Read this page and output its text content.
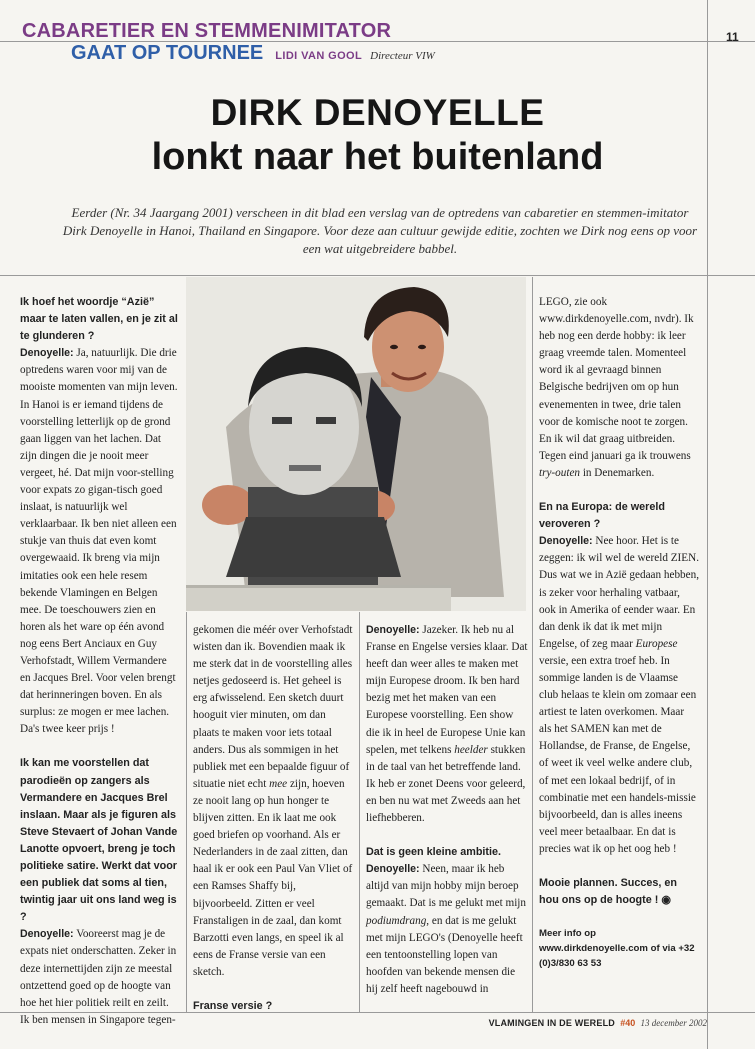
CABARETIER EN STEMMENIMITATOR
GAAT OP TOURNEE LIDI VAN GOOL Directeur VIW
11
DIRK DENOYELLE
lonkt naar het buitenland
Eerder (Nr. 34 Jaargang 2001) verscheen in dit blad een verslag van de optredens van cabaretier en stemmen-imitator Dirk Denoyelle in Hanoi, Thailand en Singapore. Voor deze aan cultuur gewijde editie, zochten we Dirk nog eens op voor een wat uitgebreidere babbel.

Ik hoef het woordje “Azië” maar te laten vallen, en je zit al te glunderen ?
Denoyelle: Ja, natuurlijk. Die drie optredens waren voor mij van de mooiste momenten van mijn leven. In Hanoi is er iemand tijdens de voorstelling letterlijk op de grond gaan liggen van het lachen. Dat zijn dingen die je nooit meer vergeet, hé. Dat mijn voor-stelling voor expats zo gigan-tisch goed inslaat, is natuurlijk wel verklaarbaar. Ik ben niet alleen een stukje van thuis dat even komt overgewaaid. Ik breng via mijn imitaties ook een hele resem bekende Vlamingen en Belgen mee. De toeschouwers zien en horen als het ware op één avond nog eens Bert Anciaux en Guy Verhofstadt, Willem Vermandere en Jacques Brel. Voor velen brengt dat herinneringen boven. En als surplus: ze mogen er mee lachen. Da's twee keer prijs !

Ik kan me voorstellen dat parodieën op zangers als Vermandere en Jacques Brel inslaan. Maar als je figuren als Steve Stevaert of Johan Vande Lanotte opvoert, breng je toch politieke satire. Werkt dat voor een publiek dat soms al tien, twintig jaar uit ons land weg is ?
Denoyelle: Vooreerst mag je de expats niet onderschatten. Zeker in deze internettijden zijn ze meestal ontzettend goed op de hoogte van hoe het hier politiek reilt en zeilt. Ik ben mensen in Singapore tegen-

gekomen die méér over Verhofstadt wisten dan ik. Bovendien maak ik me sterk dat in de voorstelling alles netjes gedoseerd is. Het geheel is erg afwisselend. Een sketch duurt hooguit vier minuten, om dan plaats te maken voor iets totaal anders. Dus als sommigen in het publiek met een bepaalde figuur of situatie niet echt mee zijn, hoeven ze nooit lang op hun honger te blijven zitten. En ik laat me ook goed briefen op voorhand. Als er Nederlanders in de zaal zitten, dan haal ik er ook een Paul Van Vliet of een Ramses Shaffy bij, bijvoorbeeld. Zitten er veel Franstaligen in de zaal, dan komt Barzotti even langs, en speel ik al eens de Franse versie van een sketch.

Franse versie ?

Denoyelle: Jazeker. Ik heb nu al Franse en Engelse versies klaar. Dat heeft dan weer alles te maken met mijn Europese droom. Ik ben hard bezig met het maken van een Europese voorstelling. Een show die ik in heel de Europese Unie kan spelen, met telkens heelder stukken in de taal van het betreffende land. Ik heb er zonet Deens voor geleerd, en ben nu wat met Zweeds aan het liefhebberen.

Dat is geen kleine ambitie.
Denoyelle: Neen, maar ik heb altijd van mijn hobby mijn beroep gemaakt. Dat is me gelukt met mijn podiumdrang, en dat is me gelukt met mijn LEGO's (Denoyelle heeft een tentoonstelling lopen van hoofden van bekende mensen die hij zelf heeft nagebouwd in

LEGO, zie ook www.dirkdenoyelle.com, nvdr). Ik heb nog een derde hobby: ik leer graag vreemde talen. Momenteel word ik al gevraagd binnen Belgische bedrijven om op hun evenementen in twee, drie talen voor de komische noot te zorgen. En ik wil dat graag uitbreiden. Tegen eind januari ga ik trouwens try-outen in Denemarken.

En na Europa: de wereld veroveren ?
Denoyelle: Nee hoor. Het is te zeggen: ik wil wel de wereld ZIEN. Dus wat we in Azië gedaan hebben, is zeker voor herhaling vatbaar, ook in Amerika of eender waar. En dan denk ik dat ik met mijn Engelse, of zeg maar Europese versie, een extra troef heb. In sommige landen is de Vlaamse club helaas te klein om zomaar een artiest te laten overkomen. Maar als het SAMEN kan met de Hollandse, de Franse, de Engelse, of weet ik veel welke andere club, of met een lokaal bedrijf, of in combinatie met een handels-missie bijvoorbeeld, dan is alles ineens veel meer betaalbaar. En dat is precies wat ik op het oog heb !

Mooie plannen. Succes, en hou ons op de hoogte ! ◉

Meer info op www.dirkdenoyelle.com of via +32 (0)3/830 63 53

VLAMINGEN IN DE WERELD #40 13 december 2002
